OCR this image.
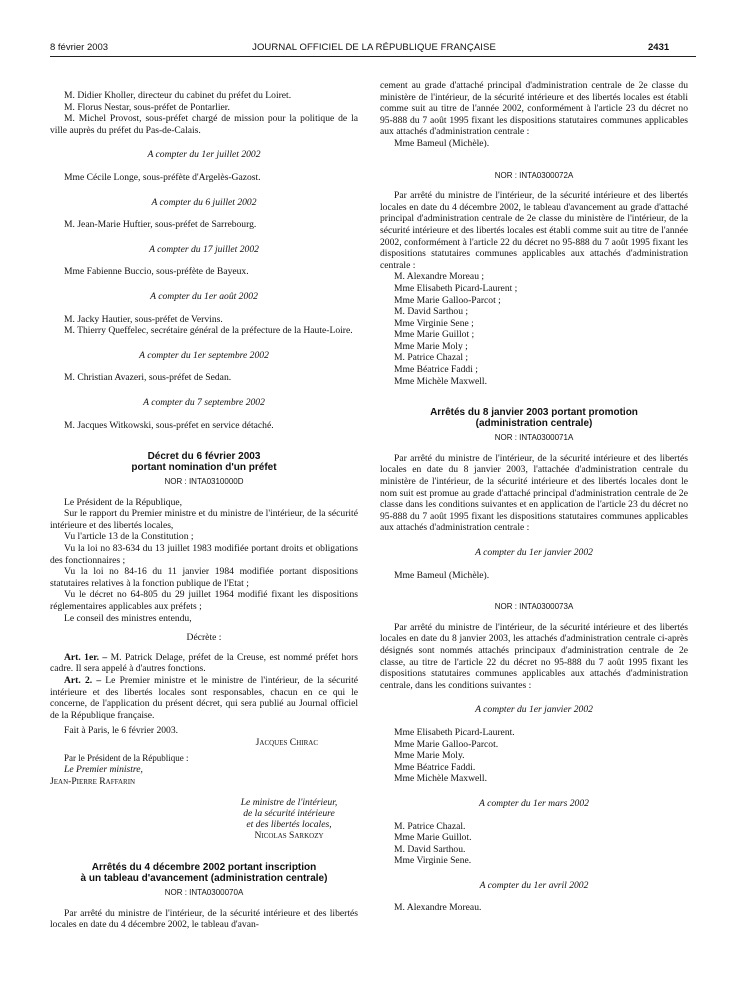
8 février 2003	JOURNAL OFFICIEL DE LA RÉPUBLIQUE FRANÇAISE	2431

M. Didier Kholler, directeur du cabinet du préfet du Loiret.

M. Florus Nestar, sous-préfet de Pontarlier.

M. Michel Provost, sous-préfet chargé de mission pour la politique de la ville auprès du préfet du Pas-de-Calais.

A compter du 1er juillet 2002

Mme Cécile Longe, sous-préfète d'Argelès-Gazost.

A compter du 6 juillet 2002

M. Jean-Marie Huftier, sous-préfet de Sarrebourg.

A compter du 17 juillet 2002

Mme Fabienne Buccio, sous-préfète de Bayeux.

A compter du 1er août 2002

M. Jacky Hautier, sous-préfet de Vervins.

M. Thierry Queffelec, secrétaire général de la préfecture de la Haute-Loire.

A compter du 1er septembre 2002

M. Christian Avazeri, sous-préfet de Sedan.

A compter du 7 septembre 2002

M. Jacques Witkowski, sous-préfet en service détaché.

Décret du 6 février 2003
portant nomination d'un préfet

NOR : INTA0310000D

Le Président de la République,

Sur le rapport du Premier ministre et du ministre de l'intérieur, de la sécurité intérieure et des libertés locales,

Vu l'article 13 de la Constitution ;

Vu la loi no 83-634 du 13 juillet 1983 modifiée portant droits et obligations des fonctionnaires ;

Vu la loi no 84-16 du 11 janvier 1984 modifiée portant dispositions statutaires relatives à la fonction publique de l'Etat ;

Vu le décret no 64-805 du 29 juillet 1964 modifié fixant les dispositions réglementaires applicables aux préfets ;

Le conseil des ministres entendu,

Décrète :

Art. 1er. – M. Patrick Delage, préfet de la Creuse, est nommé préfet hors cadre. Il sera appelé à d'autres fonctions.

Art. 2. – Le Premier ministre et le ministre de l'intérieur, de la sécurité intérieure et des libertés locales sont responsables, chacun en ce qui le concerne, de l'application du présent décret, qui sera publié au Journal officiel de la République française.

Fait à Paris, le 6 février 2003.

Jacques Chirac

Par le Président de la République :

Le Premier ministre,

Jean-Pierre Raffarin

Le ministre de l'intérieur,
de la sécurité intérieure
et des libertés locales,

Nicolas Sarkozy

Arrêtés du 4 décembre 2002 portant inscription
à un tableau d'avancement (administration centrale)

NOR : INTA0300070A

Par arrêté du ministre de l'intérieur, de la sécurité intérieure et des libertés locales en date du 4 décembre 2002, le tableau d'avan-

cement au grade d'attaché principal d'administration centrale de 2e classe du ministère de l'intérieur, de la sécurité intérieure et des libertés locales est établi comme suit au titre de l'année 2002, conformément à l'article 23 du décret no 95-888 du 7 août 1995 fixant les dispositions statutaires communes applicables aux attachés d'administration centrale :

Mme Bameul (Michèle).

NOR : INTA0300072A

Par arrêté du ministre de l'intérieur, de la sécurité intérieure et des libertés locales en date du 4 décembre 2002, le tableau d'avancement au grade d'attaché principal d'administration centrale de 2e classe du ministère de l'intérieur, de la sécurité intérieure et des libertés locales est établi comme suit au titre de l'année 2002, conformément à l'article 22 du décret no 95-888 du 7 août 1995 fixant les dispositions statutaires communes applicables aux attachés d'administration centrale :

M. Alexandre Moreau ;

Mme Elisabeth Picard-Laurent ;

Mme Marie Galloo-Parcot ;

M. David Sarthou ;

Mme Virginie Sene ;

Mme Marie Guillot ;

Mme Marie Moly ;

M. Patrice Chazal ;

Mme Béatrice Faddi ;

Mme Michèle Maxwell.

Arrêtés du 8 janvier 2003 portant promotion
(administration centrale)

NOR : INTA0300071A

Par arrêté du ministre de l'intérieur, de la sécurité intérieure et des libertés locales en date du 8 janvier 2003, l'attachée d'administration centrale du ministère de l'intérieur, de la sécurité intérieure et des libertés locales dont le nom suit est promue au grade d'attaché principal d'administration centrale de 2e classe dans les conditions suivantes et en application de l'article 23 du décret no 95-888 du 7 août 1995 fixant les dispositions statutaires communes applicables aux attachés d'administration centrale :

A compter du 1er janvier 2002

Mme Bameul (Michèle).

NOR : INTA0300073A

Par arrêté du ministre de l'intérieur, de la sécurité intérieure et des libertés locales en date du 8 janvier 2003, les attachés d'administration centrale ci-après désignés sont nommés attachés principaux d'administration centrale de 2e classe, au titre de l'article 22 du décret no 95-888 du 7 août 1995 fixant les dispositions statutaires communes applicables aux attachés d'administration centrale, dans les conditions suivantes :

A compter du 1er janvier 2002

Mme Elisabeth Picard-Laurent.

Mme Marie Galloo-Parcot.

Mme Marie Moly.

Mme Béatrice Faddi.

Mme Michèle Maxwell.

A compter du 1er mars 2002

M. Patrice Chazal.

Mme Marie Guillot.

M. David Sarthou.

Mme Virginie Sene.

A compter du 1er avril 2002

M. Alexandre Moreau.
